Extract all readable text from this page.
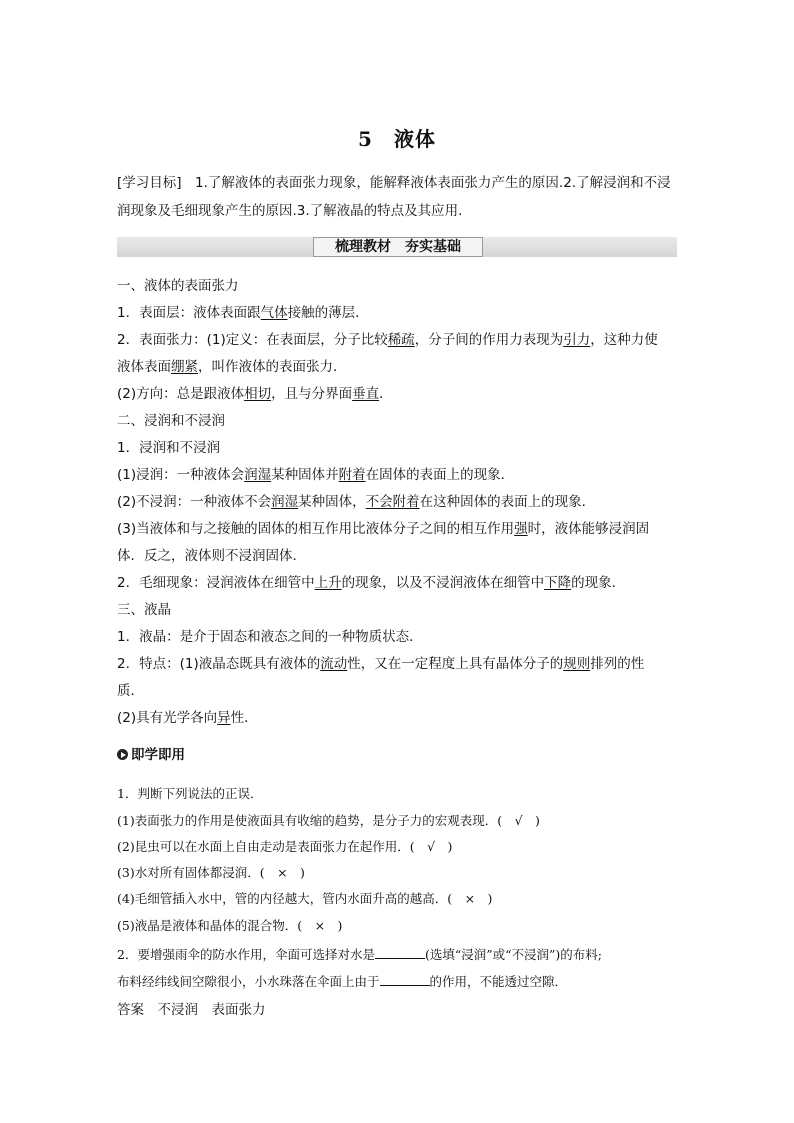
5　液体
[学习目标]　1.了解液体的表面张力现象，能解释液体表面张力产生的原因.2.了解浸润和不浸
润现象及毛细现象产生的原因.3.了解液晶的特点及其应用.
梳理教材　夯实基础
一、液体的表面张力
1．表面层：液体表面跟气体接触的薄层．
2．表面张力：(1)定义：在表面层，分子比较稀疏，分子间的作用力表现为引力，这种力使
液体表面绷紧，叫作液体的表面张力．
(2)方向：总是跟液体相切，且与分界面垂直．
二、浸润和不浸润
1．浸润和不浸润
(1)浸润：一种液体会润湿某种固体并附着在固体的表面上的现象．
(2)不浸润：一种液体不会润湿某种固体，不会附着在这种固体的表面上的现象．
(3)当液体和与之接触的固体的相互作用比液体分子之间的相互作用强时，液体能够浸润固
体．反之，液体则不浸润固体．
2．毛细现象：浸润液体在细管中上升的现象，以及不浸润液体在细管中下降的现象．
三、液晶
1．液晶：是介于固态和液态之间的一种物质状态．
2．特点：(1)液晶态既具有液体的流动性，又在一定程度上具有晶体分子的规则排列的性
质．
(2)具有光学各向异性．
即学即用
1．判断下列说法的正误．
(1)表面张力的作用是使液面具有收缩的趋势，是分子力的宏观表现．(　√　)
(2)昆虫可以在水面上自由走动是表面张力在起作用．(　√　)
(3)水对所有固体都浸润．(　×　)
(4)毛细管插入水中，管的内径越大，管内水面升高的越高．(　×　)
(5)液晶是液体和晶体的混合物．(　×　)
2．要增强雨伞的防水作用，伞面可选择对水是	(选填“浸润”或“不浸润”)的布料;
布料经纬线间空隙很小，小水珠落在伞面上由于	的作用，不能透过空隙．
答案　不浸润　表面张力
